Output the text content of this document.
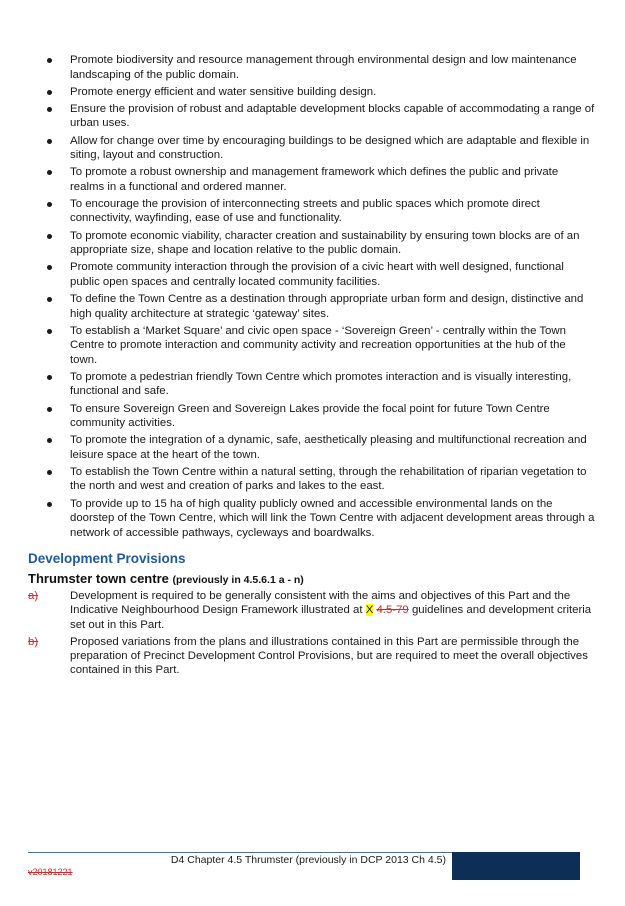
Promote biodiversity and resource management through environmental design and low maintenance landscaping of the public domain.
Promote energy efficient and water sensitive building design.
Ensure the provision of robust and adaptable development blocks capable of accommodating a range of urban uses.
Allow for change over time by encouraging buildings to be designed which are adaptable and flexible in siting, layout and construction.
To promote a robust ownership and management framework which defines the public and private realms in a functional and ordered manner.
To encourage the provision of interconnecting streets and public spaces which promote direct connectivity, wayfinding, ease of use and functionality.
To promote economic viability, character creation and sustainability by ensuring town blocks are of an appropriate size, shape and location relative to the public domain.
Promote community interaction through the provision of a civic heart with well designed, functional public open spaces and centrally located community facilities.
To define the Town Centre as a destination through appropriate urban form and design, distinctive and high quality architecture at strategic ‘gateway’ sites.
To establish a ‘Market Square’ and civic open space - ‘Sovereign Green’ - centrally within the Town Centre to promote interaction and community activity and recreation opportunities at the hub of the town.
To promote a pedestrian friendly Town Centre which promotes interaction and is visually interesting, functional and safe.
To ensure Sovereign Green and Sovereign Lakes provide the focal point for future Town Centre community activities.
To promote the integration of a dynamic, safe, aesthetically pleasing and multifunctional recreation and leisure space at the heart of the town.
To establish the Town Centre within a natural setting, through the rehabilitation of riparian vegetation to the north and west and creation of parks and lakes to the east.
To provide up to 15 ha of high quality publicly owned and accessible environmental lands on the doorstep of the Town Centre, which will link the Town Centre with adjacent development areas through a network of accessible pathways, cycleways and boardwalks.
Development Provisions
Thrumster town centre (previously in 4.5.6.1 a - n)
a)	Development is required to be generally consistent with the aims and objectives of this Part and the Indicative Neighbourhood Design Framework illustrated at X 4.5-79 guidelines and development criteria set out in this Part.
b)	Proposed variations from the plans and illustrations contained in this Part are permissible through the preparation of Precinct Development Control Provisions, but are required to meet the overall objectives contained in this Part.
D4 Chapter 4.5 Thrumster (previously in DCP 2013 Ch 4.5)
v20181221
